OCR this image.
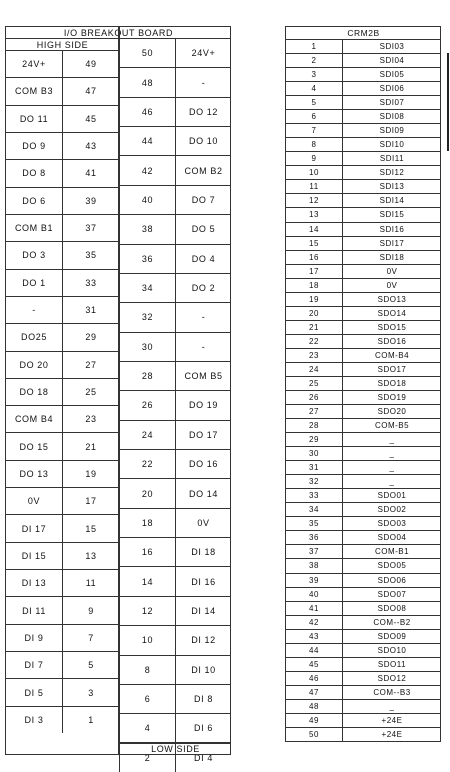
I/O BREAKOUT BOARD
HIGH SIDE
24V+	49
COM B3	47
DO 11	45
DO 9	43
DO 8	41
DO 6	39
COM B1	37
DO 3	35
DO 1	33
-	31
DO25	29
DO 20	27
DO 18	25
COM B4	23
DO 15	21
DO 13	19
0V	17
DI 17	15
DI 15	13
DI 13	11
DI 11	9
DI 9	7
DI 7	5
DI 5	3
DI 3	1
50	24V+
48	-
46	DO 12
44	DO 10
42	COM B2
40	DO 7
38	DO 5
36	DO 4
34	DO 2
32	-
30	-
28	COM B5
26	DO 19
24	DO 17
22	DO 16
20	DO 14
18	0V
16	DI 18
14	DI 16
12	DI 14
10	DI 12
8	DI 10
6	DI 8
4	DI 6
2	DI 4
LOW SIDE
CRM2B
1	SDI03
2	SDI04
3	SDI05
4	SDI06
5	SDI07
6	SDI08
7	SDI09
8	SDI10
9	SDI11
10	SDI12
11	SDI13
12	SDI14
13	SDI15
14	SDI16
15	SDI17
16	SDI18
17	0V
18	0V
19	SDO13
20	SDO14
21	SDO15
22	SDO16
23	COM-B4
24	SDO17
25	SDO18
26	SDO19
27	SDO20
28	COM-B5
29	_
30	_
31	_
32	_
33	SDO01
34	SDO02
35	SDO03
36	SDO04
37	COM-B1
38	SDO05
39	SDO06
40	SDO07
41	SDO08
42	COM--B2
43	SDO09
44	SDO10
45	SDO11
46	SDO12
47	COM--B3
48	_
49	+24E
50	+24E
